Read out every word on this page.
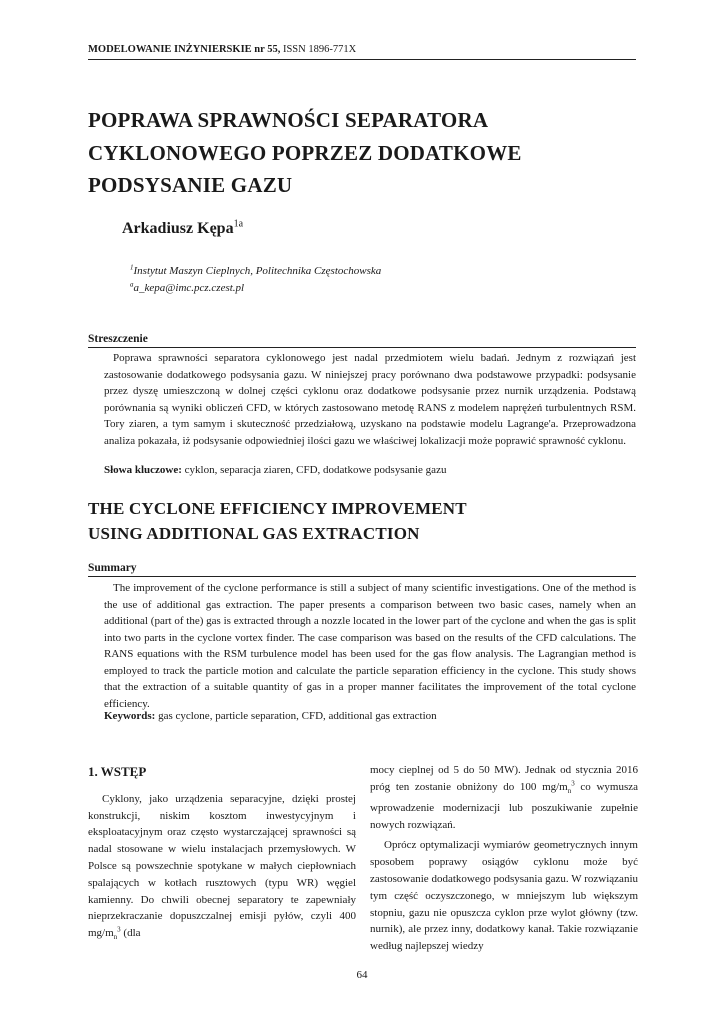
MODELOWANIE INŻYNIERSKIE nr 55, ISSN 1896-771X
POPRAWA SPRAWNOŚCI SEPARATORA
CYKLONOWEGO POPRZEZ DODATKOWE
PODSYSANIE GAZU
Arkadiusz Kępa$^{1a}$
$^1$Instytut Maszyn Cieplnych, Politechnika Częstochowska
$^a$a_kepa@imc.pcz.czest.pl
Streszczenie

Poprawa sprawności separatora cyklonowego jest nadal przedmiotem wielu badań. Jednym z rozwiązań jest zastosowanie dodatkowego podsysania gazu. W niniejszej pracy porównano dwa podstawowe przypadki: podsysanie przez dyszę umieszczoną w dolnej części cyklonu oraz dodatkowe podsysanie przez nurnik urządzenia. Podstawą porównania są wyniki obliczeń CFD, w których zastosowano metodę RANS z modelem naprężeń turbulentnych RSM. Tory ziaren, a tym samym i skuteczność przedziałową, uzyskano na podstawie modelu Lagrange'a. Przeprowadzona analiza pokazała, iż podsysanie odpowiedniej ilości gazu we właściwej lokalizacji może poprawić sprawność cyklonu.

Słowa kluczowe: cyklon, separacja ziaren, CFD, dodatkowe podsysanie gazu
THE CYCLONE EFFICIENCY IMPROVEMENT
USING ADDITIONAL GAS EXTRACTION
Summary

The improvement of the cyclone performance is still a subject of many scientific investigations. One of the method is the use of additional gas extraction. The paper presents a comparison between two basic cases, namely when an additional (part of the) gas is extracted through a nozzle located in the lower part of the cyclone and when the gas is split into two parts in the cyclone vortex finder. The case comparison was based on the results of the CFD calculations. The RANS equations with the RSM turbulence model has been used for the gas flow analysis. The Lagrangian method is employed to track the particle motion and calculate the particle separation efficiency in the cyclone. This study shows that the extraction of a suitable quantity of gas in a proper manner facilitates the improvement of the total cyclone efficiency.

Keywords: gas cyclone, particle separation, CFD, additional gas extraction
1. WSTĘP

Cyklony, jako urządzenia separacyjne, dzięki prostej konstrukcji, niskim kosztom inwestycyjnym i eksploatacyjnym oraz często wystarczającej sprawności są nadal stosowane w wielu instalacjach przemysłowych. W Polsce są powszechnie spotykane w małych ciepłowniach spalających w kotłach rusztowych (typu WR) węgiel kamienny. Do chwili obecnej separatory te zapewniały nieprzekraczanie dopuszczalnej emisji pyłów, czyli 400 $mg/m_n^3$ (dla

mocy cieplnej od 5 do 50 MW). Jednak od stycznia 2016 próg ten zostanie obniżony do 100 $mg/m_n^3$ co wymusza wprowadzenie modernizacji lub poszukiwanie zupełnie nowych rozwiązań.

Oprócz optymalizacji wymiarów geometrycznych innym sposobem poprawy osiągów cyklonu może być zastosowanie dodatkowego podsysania gazu. W rozwiązaniu tym część oczyszczonego, w mniejszym lub większym stopniu, gazu nie opuszcza cyklon prze wylot główny (tzw. nurnik), ale przez inny, dodatkowy kanał. Takie rozwiązanie według najlepszej wiedzy

64
